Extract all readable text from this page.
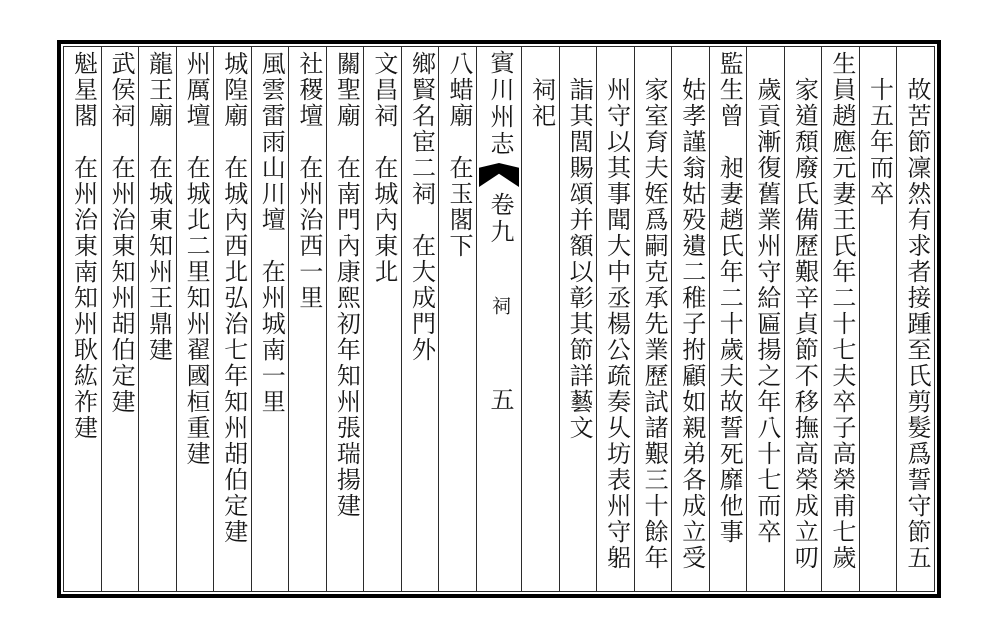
故苦節凜然有求者接踵至氏剪髮爲誓守節五
十五年而卒
生員趙應元妻王氏年二十七夫卒子高榮甫七歲
家道頹廢氏備歷艱辛貞節不移撫高榮成立叨
歲貢漸復舊業州守給匾揚之年八十七而卒
監生曾　昶妻趙氏年二十歲夫故誓死靡他事
姑孝謹翁姑殁遺二稚子拊顧如親弟各成立受
家室育夫姪爲嗣克承先業歷試諸艱三十餘年
州守以其事聞大中丞楊公疏奏乆坊表州守躳
詣其閭賜頌并額以彰其節詳藝文
祠祀
賓川州志卷九祠五
八蜡廟在玉閣下
鄉賢名宦二祠在大成門外
文昌祠在城內東北
關聖廟在南門內康熙初年知州張瑞揚建
社稷壇在州治西一里
風雲雷雨山川壇在州城南一里
城隍廟在城內西北弘治七年知州胡伯定建
州厲壇在城北二里知州翟國桓重建
龍王廟在城東知州王鼎建
武侯祠在州治東知州胡伯定建
魁星閣在州治東南知州耿紘祚建
